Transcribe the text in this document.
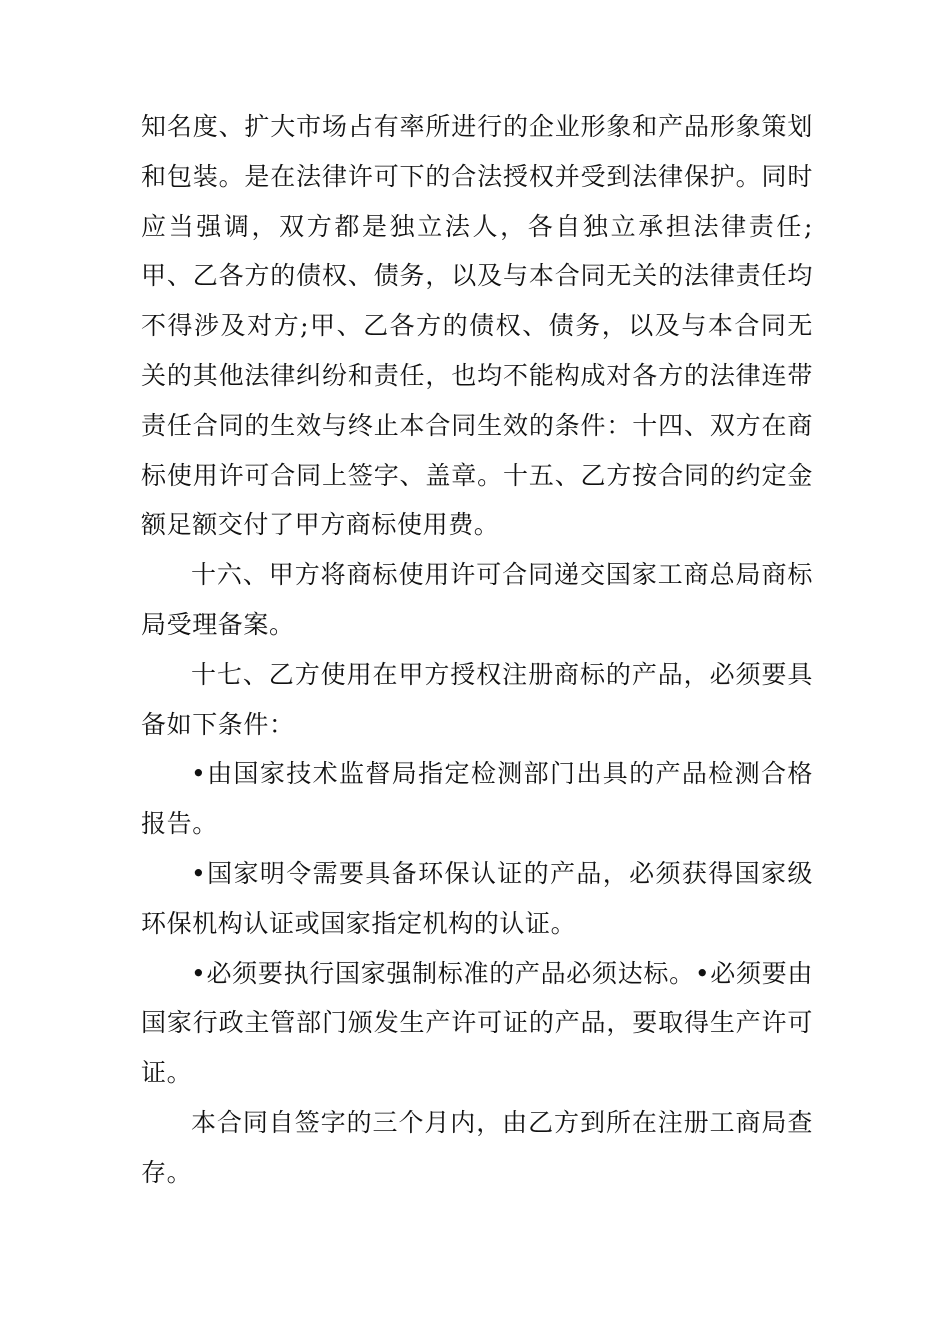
知名度、扩大市场占有率所进行的企业形象和产品形象策划和包装。是在法律许可下的合法授权并受到法律保护。同时应当强调，双方都是独立法人，各自独立承担法律责任;甲、乙各方的债权、债务，以及与本合同无关的法律责任均不得涉及对方;甲、乙各方的债权、债务，以及与本合同无关的其他法律纠纷和责任，也均不能构成对各方的法律连带责任合同的生效与终止本合同生效的条件：十四、双方在商标使用许可合同上签字、盖章。十五、乙方按合同的约定金额足额交付了甲方商标使用费。

十六、甲方将商标使用许可合同递交国家工商总局商标局受理备案。

十七、乙方使用在甲方授权注册商标的产品，必须要具备如下条件：

•由国家技术监督局指定检测部门出具的产品检测合格报告。

•国家明令需要具备环保认证的产品，必须获得国家级环保机构认证或国家指定机构的认证。

•必须要执行国家强制标准的产品必须达标。•必须要由国家行政主管部门颁发生产许可证的产品，要取得生产许可证。

本合同自签字的三个月内，由乙方到所在注册工商局查存。
